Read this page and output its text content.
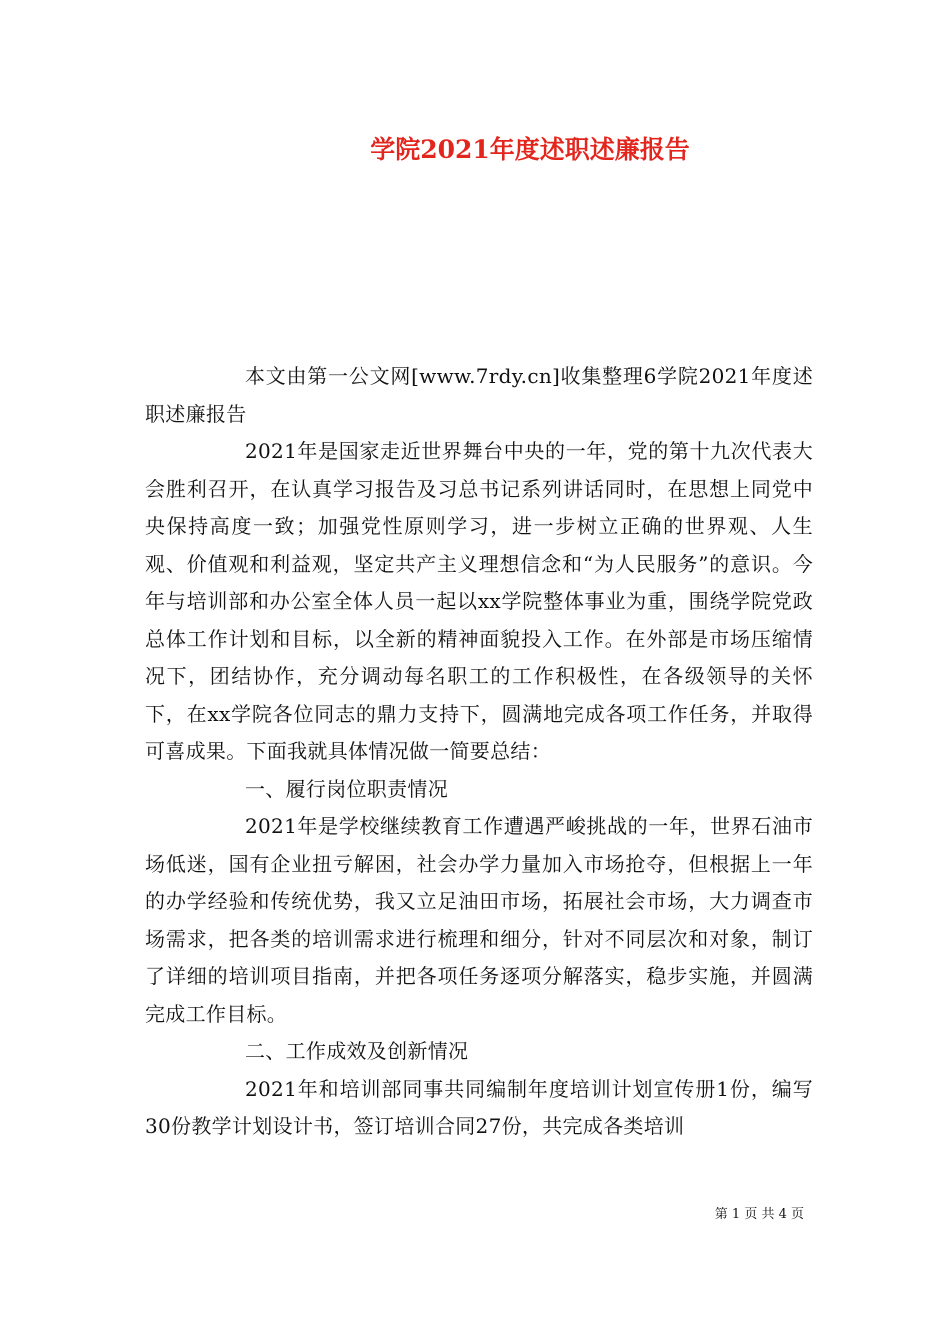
学院2021年度述职述廉报告

本文由第一公文网[www.7rdy.cn]收集整理6学院2021年度述职述廉报告

2021年是国家走近世界舞台中央的一年，党的第十九次代表大会胜利召开，在认真学习报告及习总书记系列讲话同时，在思想上同党中央保持高度一致；加强党性原则学习，进一步树立正确的世界观、人生观、价值观和利益观，坚定共产主义理想信念和“为人民服务”的意识。今年与培训部和办公室全体人员一起以xx学院整体事业为重，围绕学院党政总体工作计划和目标，以全新的精神面貌投入工作。在外部是市场压缩情况下，团结协作，充分调动每名职工的工作积极性，在各级领导的关怀下，在xx学院各位同志的鼎力支持下，圆满地完成各项工作任务，并取得可喜成果。下面我就具体情况做一简要总结：

一、履行岗位职责情况

2021年是学校继续教育工作遭遇严峻挑战的一年，世界石油市场低迷，国有企业扭亏解困，社会办学力量加入市场抢夺，但根据上一年的办学经验和传统优势，我又立足油田市场，拓展社会市场，大力调查市场需求，把各类的培训需求进行梳理和细分，针对不同层次和对象，制订了详细的培训项目指南，并把各项任务逐项分解落实，稳步实施，并圆满完成工作目标。

二、工作成效及创新情况

2021年和培训部同事共同编制年度培训计划宣传册1份，编写30份教学计划设计书，签订培训合同27份，共完成各类培训

第 1 页 共 4 页
